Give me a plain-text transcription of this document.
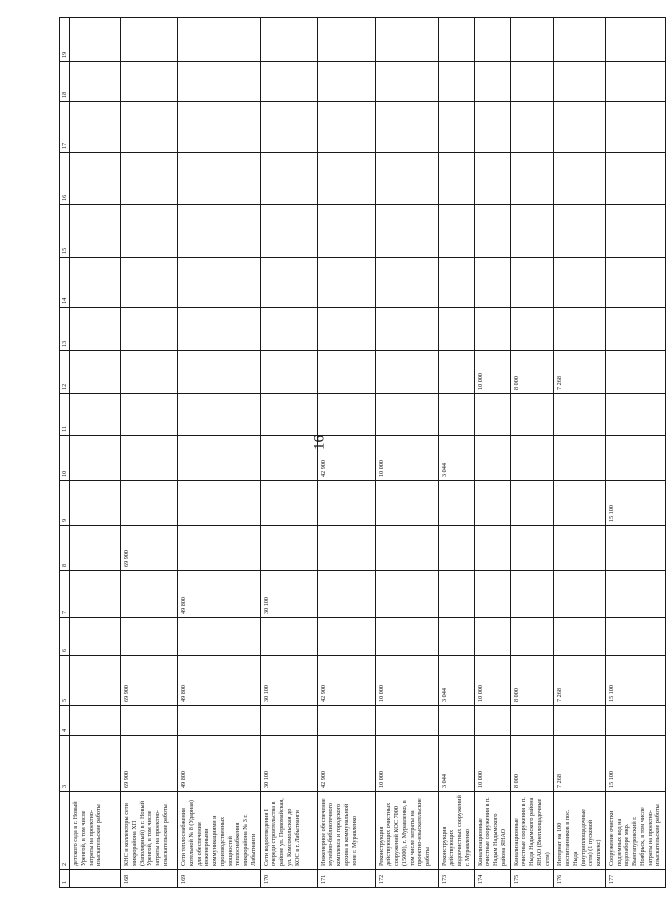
16
1	2	3	4	5	6	7	8	9	10	11	12	13	14	15	16	17	18	19
	детского сада в г. Новый Уренгой, в том числе затраты на проектно-изыскательские работы																	
168	КНС и коллекторы сети микрорайона ХП (Заполярный) в г. Новый Уренгой, в том числе затраты на проектно-изыскательские работы	69 900		69 900			69 900											
169	Сети теплоснабжения котельной № 8 (Ударная) для обеспечения инженерными коммуникациями и производственных мощностей теплоснабжения микрорайона № 3 г. Лабытнанги	49 800		49 800		49 800												
170	Сети водоотведения I очереди строительства в районе ул. Первомайская, ул. Комсомольская до КОС в г. Лабытнанги	30 100		30 100		30 100												
171	Инженерное обеспечение музейно-библиотечного комплекса и городского архива в коммунальной зоне г. Муравленко	42 900		42 900					42 900									
172	Реконструкция действующих очистных сооружений КОС 7000 (15000), г. Муравленко, в том числе затраты на проектно-изыскательские работы	10 000		10 000					10 000									
173	Реконструкция действующих водоочистных сооружений г. Муравленко	3 044		3 044					3 044									
174	Канализационные очистные сооружения в п. Надым Надымского района ЯНАО	10 000		10 000							10 000							
175	Канализационные очистные сооружения в п. Ныда Надымского района ЯНАО (Внеплощадочные сети)	8 000		8 000							8 000							
176	Интернат на 100 воспитанников в пос. Ныда (внутриплощадочные сети) (1 пусковой комплекс)	7 268		7 268							7 268							
177	Сооружение очистки подземных вод на водозаборе мкр. Вынгапуровский г. Ноябрьск, в том числе затраты на проектно-изыскательские работы	15 100		15 100				15 100										
